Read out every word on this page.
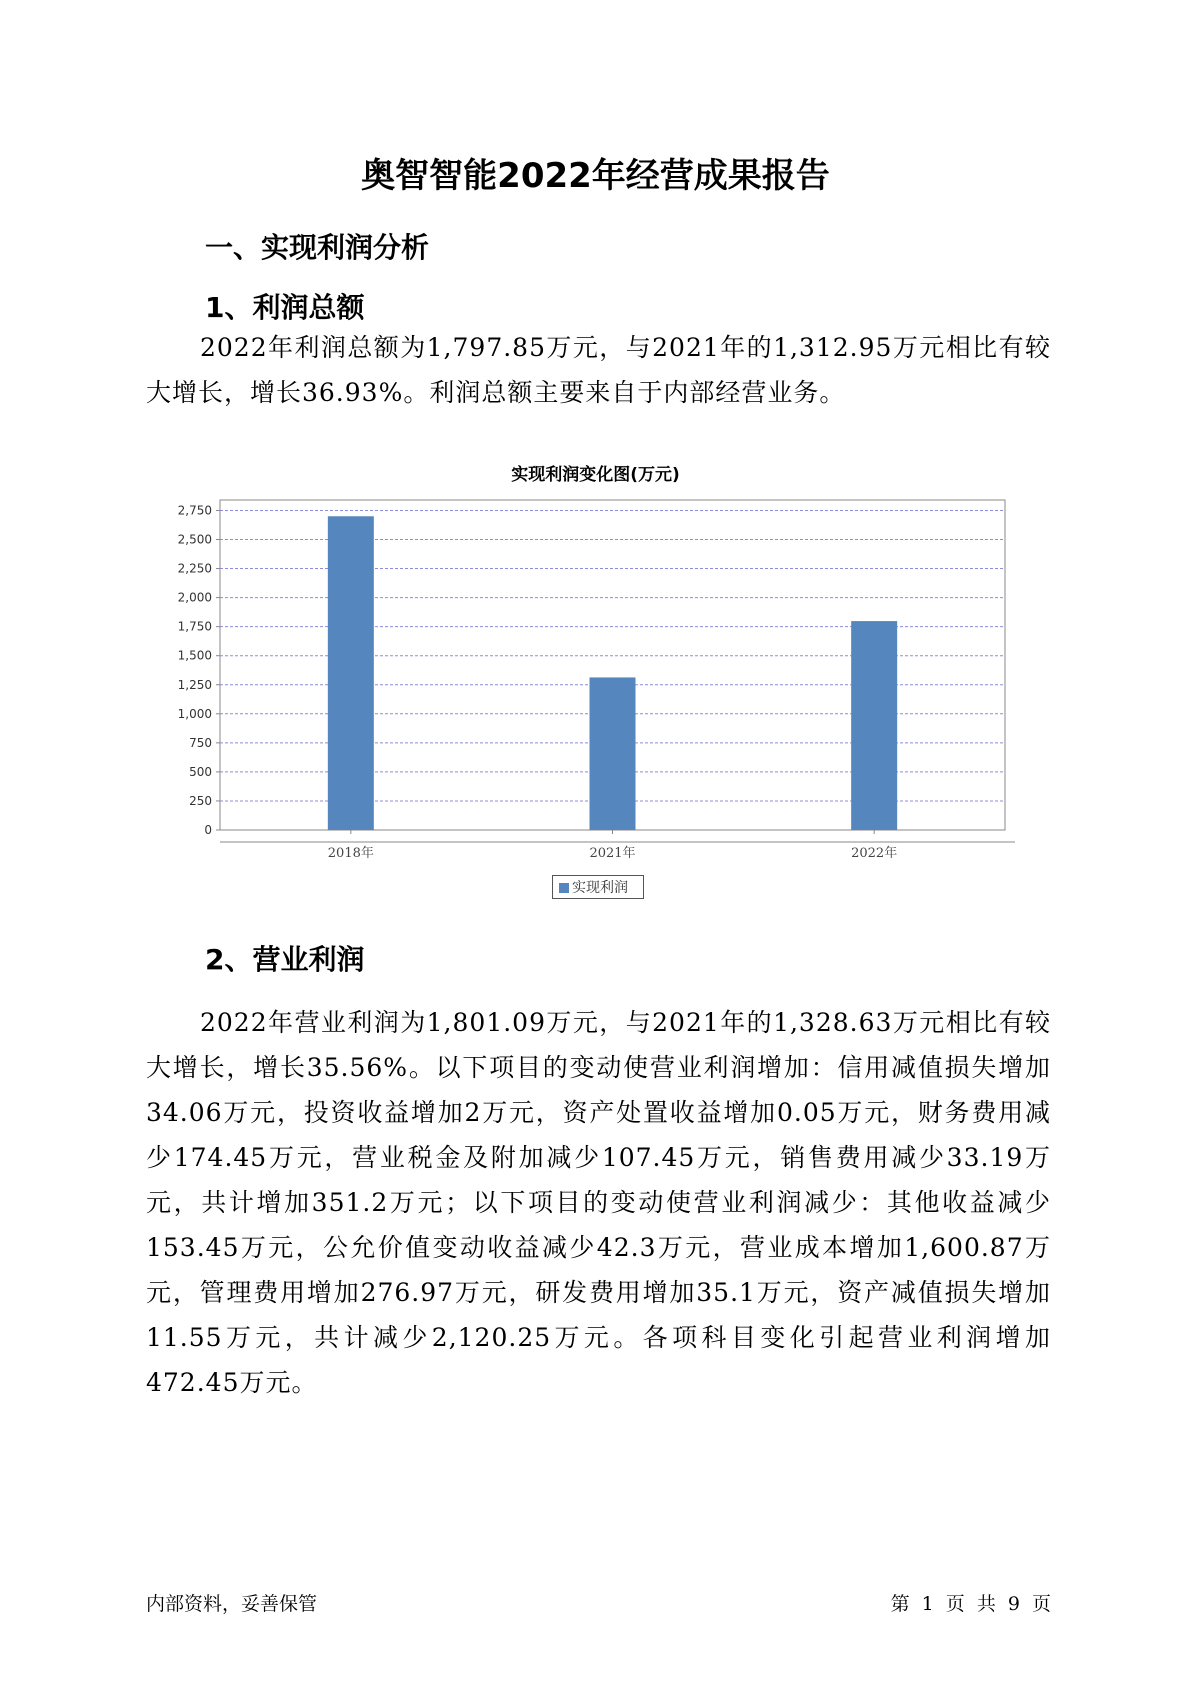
奥智智能2022年经营成果报告
一、实现利润分析
1、利润总额

2022年利润总额为1,797.85万元，与2021年的1,312.95万元相比有较大增长，增长36.93%。利润总额主要来自于内部经营业务。

实现利润变化图(万元)
0
250
500
750
1,000
1,250
1,500
1,750
2,000
2,250
2,500
2,750
2018年	2021年	2022年
实现利润
2、营业利润

2022年营业利润为1,801.09万元，与2021年的1,328.63万元相比有较大增长，增长35.56%。以下项目的变动使营业利润增加：信用减值损失增加34.06万元，投资收益增加2万元，资产处置收益增加0.05万元，财务费用减少174.45万元，营业税金及附加减少107.45万元，销售费用减少33.19万元，共计增加351.2万元；以下项目的变动使营业利润减少：其他收益减少153.45万元，公允价值变动收益减少42.3万元，营业成本增加1,600.87万元，管理费用增加276.97万元，研发费用增加35.1万元，资产减值损失增加11.55万元，共计减少2,120.25万元。各项科目变化引起营业利润增加472.45万元。

内部资料，妥善保管	第 1 页 共 9 页
